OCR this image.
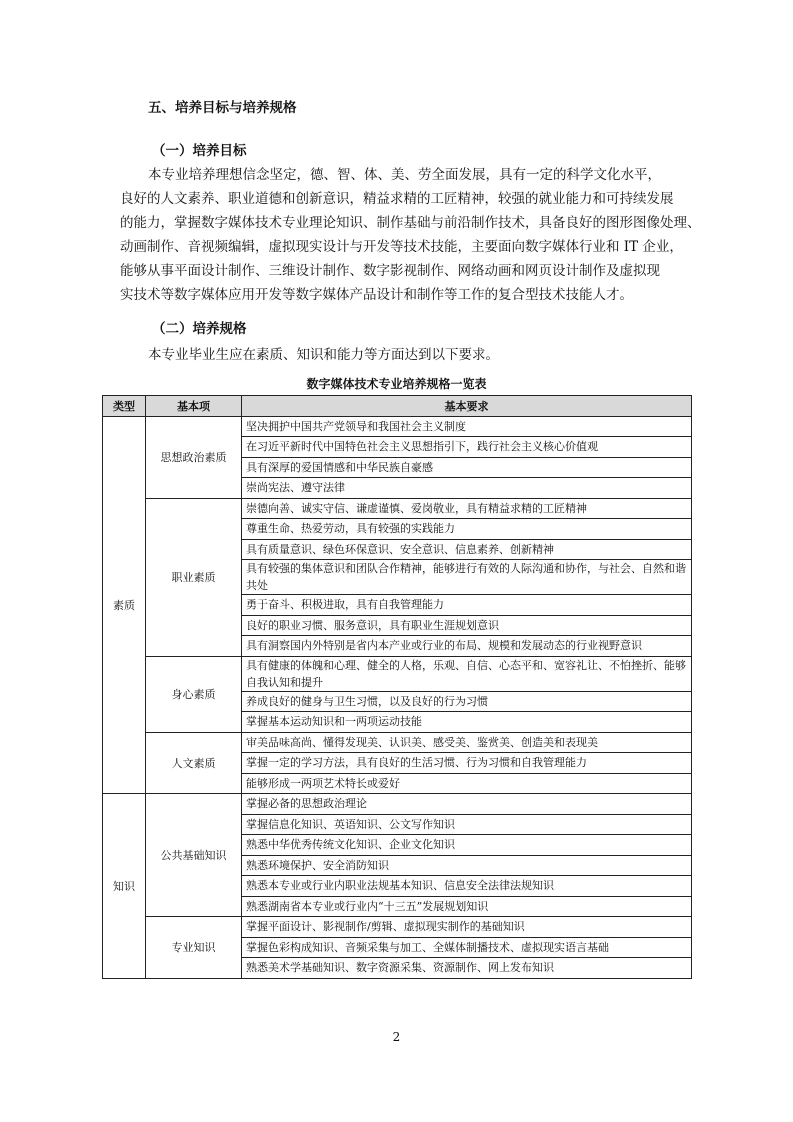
五、培养目标与培养规格
（一）培养目标
本专业培养理想信念坚定，德、智、体、美、劳全面发展，具有一定的科学文化水平，
良好的人文素养、职业道德和创新意识，精益求精的工匠精神，较强的就业能力和可持续发展
的能力，掌握数字媒体技术专业理论知识、制作基础与前沿制作技术，具备良好的图形图像处理、
动画制作、音视频编辑，虚拟现实设计与开发等技术技能，主要面向数字媒体行业和 IT 企业，
能够从事平面设计制作、三维设计制作、数字影视制作、网络动画和网页设计制作及虚拟现
实技术等数字媒体应用开发等数字媒体产品设计和制作等工作的复合型技术技能人才。
（二）培养规格
本专业毕业生应在素质、知识和能力等方面达到以下要求。
数字媒体技术专业培养规格一览表
类型	基本项	基本要求
素质	思想政治素质	坚决拥护中国共产党领导和我国社会主义制度
		在习近平新时代中国特色社会主义思想指引下，践行社会主义核心价值观
		具有深厚的爱国情感和中华民族自豪感
		崇尚宪法、遵守法律
	职业素质	崇德向善、诚实守信、谦虚谨慎、爱岗敬业，具有精益求精的工匠精神
		尊重生命、热爱劳动，具有较强的实践能力
		具有质量意识、绿色环保意识、安全意识、信息素养、创新精神
		具有较强的集体意识和团队合作精神，能够进行有效的人际沟通和协作，与社会、自然和谐共处
		勇于奋斗、积极进取，具有自我管理能力
		良好的职业习惯、服务意识，具有职业生涯规划意识
		具有洞察国内外特别是省内本产业或行业的布局、规模和发展动态的行业视野意识
	身心素质	具有健康的体魄和心理、健全的人格，乐观、自信、心态平和、宽容礼让、不怕挫折、能够自我认知和提升
		养成良好的健身与卫生习惯，以及良好的行为习惯
		掌握基本运动知识和一两项运动技能
	人文素质	审美品味高尚、懂得发现美、认识美、感受美、鉴赏美、创造美和表现美
		掌握一定的学习方法，具有良好的生活习惯、行为习惯和自我管理能力
		能够形成一两项艺术特长或爱好
知识	公共基础知识	掌握必备的思想政治理论
		掌握信息化知识、英语知识、公文写作知识
		熟悉中华优秀传统文化知识、企业文化知识
		熟悉环境保护、安全消防知识
		熟悉本专业或行业内职业法规基本知识、信息安全法律法规知识
		熟悉湖南省本专业或行业内“十三五”发展规划知识
	专业知识	掌握平面设计、影视制作/剪辑、虚拟现实制作的基础知识
		掌握色彩构成知识、音频采集与加工、全媒体制播技术、虚拟现实语言基础
		熟悉美术学基础知识、数字资源采集、资源制作、网上发布知识
2
